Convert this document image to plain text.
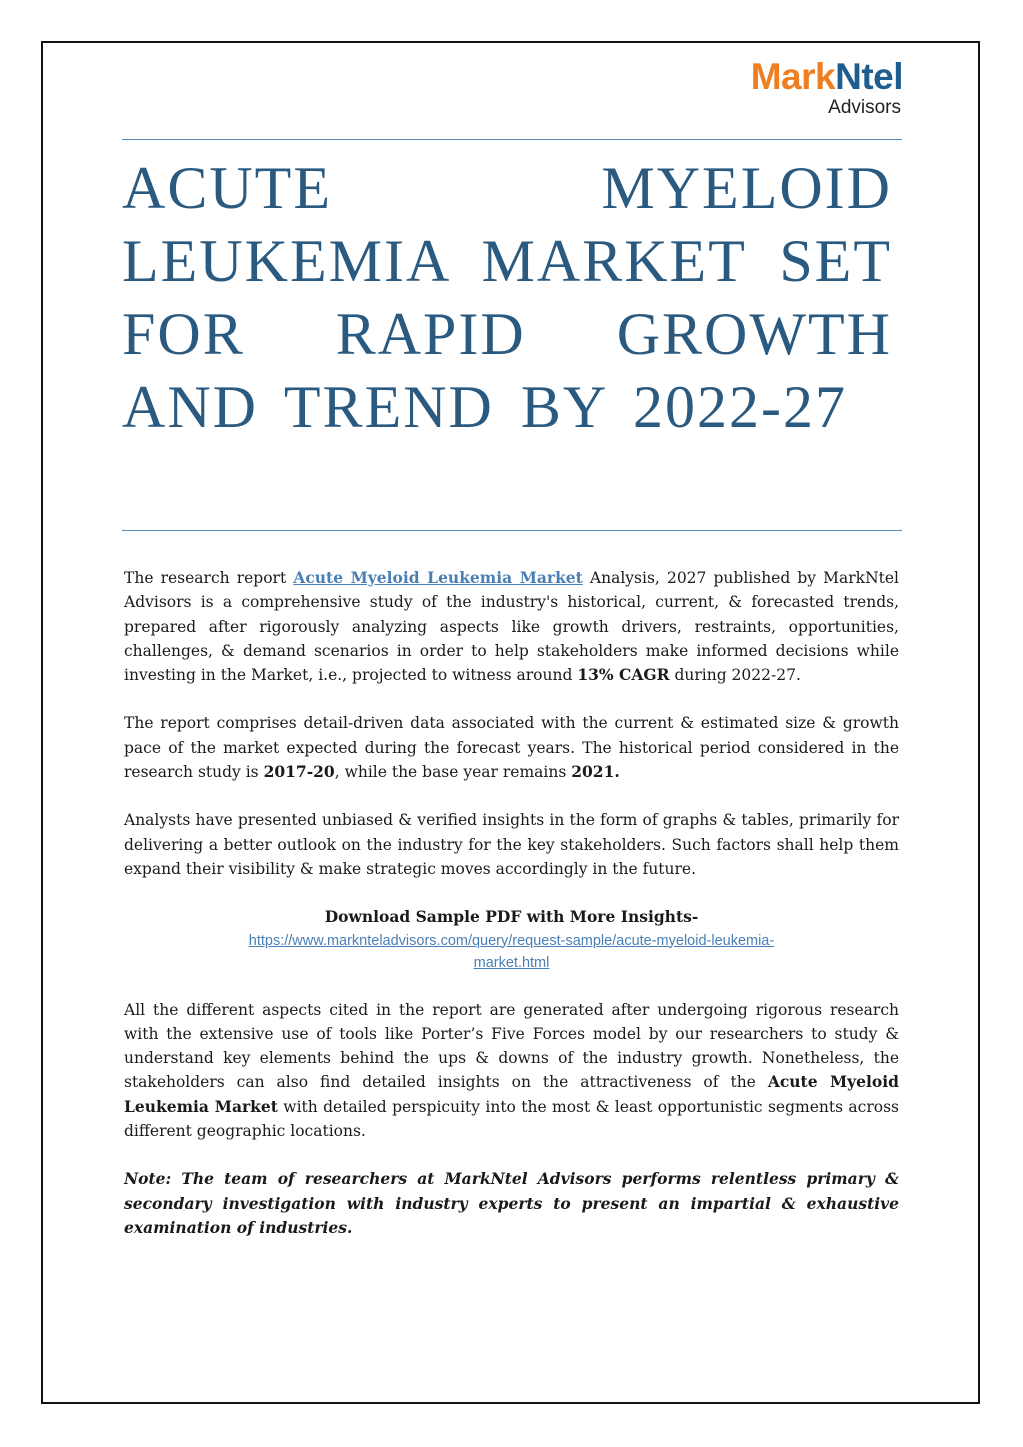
MarkNtel
Advisors
ACUTE MYELOID LEUKEMIA MARKET SET FOR RAPID GROWTH AND TREND BY 2022-27

The research report Acute Myeloid Leukemia Market Analysis, 2027 published by MarkNtel Advisors is a comprehensive study of the industry's historical, current, & forecasted trends, prepared after rigorously analyzing aspects like growth drivers, restraints, opportunities, challenges, & demand scenarios in order to help stakeholders make informed decisions while investing in the Market, i.e., projected to witness around 13% CAGR during 2022-27.

The report comprises detail-driven data associated with the current & estimated size & growth pace of the market expected during the forecast years. The historical period considered in the research study is 2017-20, while the base year remains 2021.

Analysts have presented unbiased & verified insights in the form of graphs & tables, primarily for delivering a better outlook on the industry for the key stakeholders. Such factors shall help them expand their visibility & make strategic moves accordingly in the future.

Download Sample PDF with More Insights-
https://www.marknteladvisors.com/query/request-sample/acute-myeloid-leukemia-
market.html

All the different aspects cited in the report are generated after undergoing rigorous research with the extensive use of tools like Porter’s Five Forces model by our researchers to study & understand key elements behind the ups & downs of the industry growth. Nonetheless, the stakeholders can also find detailed insights on the attractiveness of the Acute Myeloid Leukemia Market with detailed perspicuity into the most & least opportunistic segments across different geographic locations.

Note: The team of researchers at MarkNtel Advisors performs relentless primary & secondary investigation with industry experts to present an impartial & exhaustive examination of industries.
